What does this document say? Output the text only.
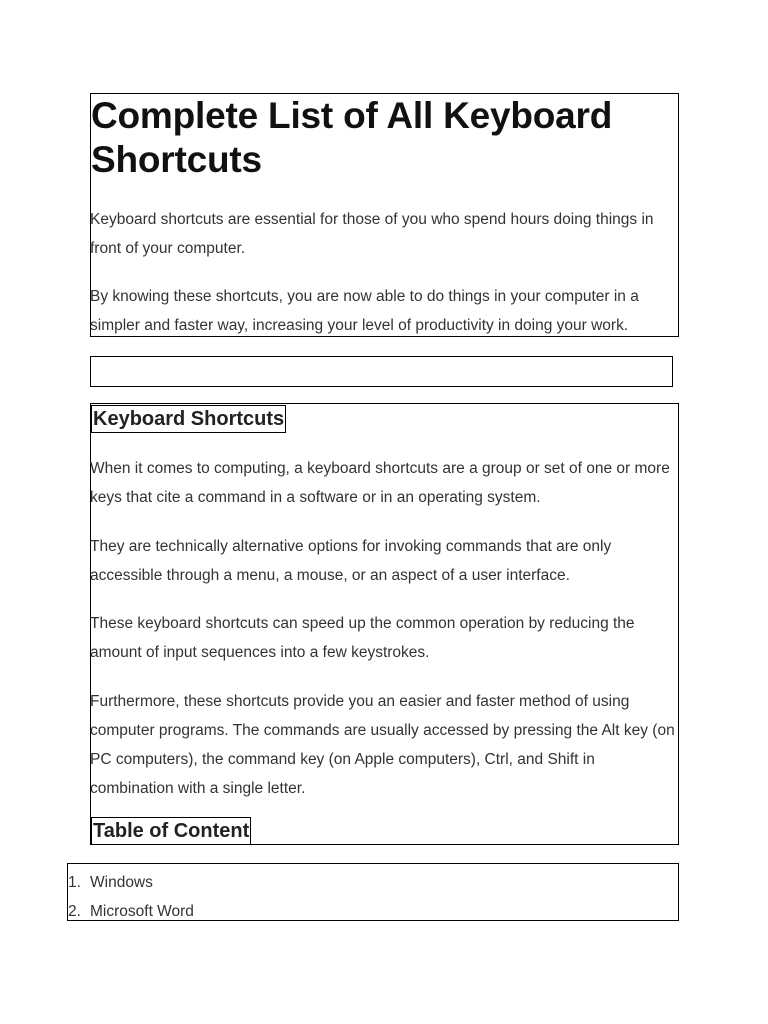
Complete List of All Keyboard Shortcuts

Keyboard shortcuts are essential for those of you who spend hours doing things in front of your computer.

By knowing these shortcuts, you are now able to do things in your computer in a simpler and faster way, increasing your level of productivity in doing your work.

Keyboard Shortcuts

When it comes to computing, a keyboard shortcuts are a group or set of one or more keys that cite a command in a software or in an operating system.

They are technically alternative options for invoking commands that are only accessible through a menu, a mouse, or an aspect of a user interface.

These keyboard shortcuts can speed up the common operation by reducing the amount of input sequences into a few keystrokes.

Furthermore, these shortcuts provide you an easier and faster method of using computer programs. The commands are usually accessed by pressing the Alt key (on PC computers), the command key (on Apple computers), Ctrl, and Shift in combination with a single letter.

Table of Content
1. Windows
2. Microsoft Word
